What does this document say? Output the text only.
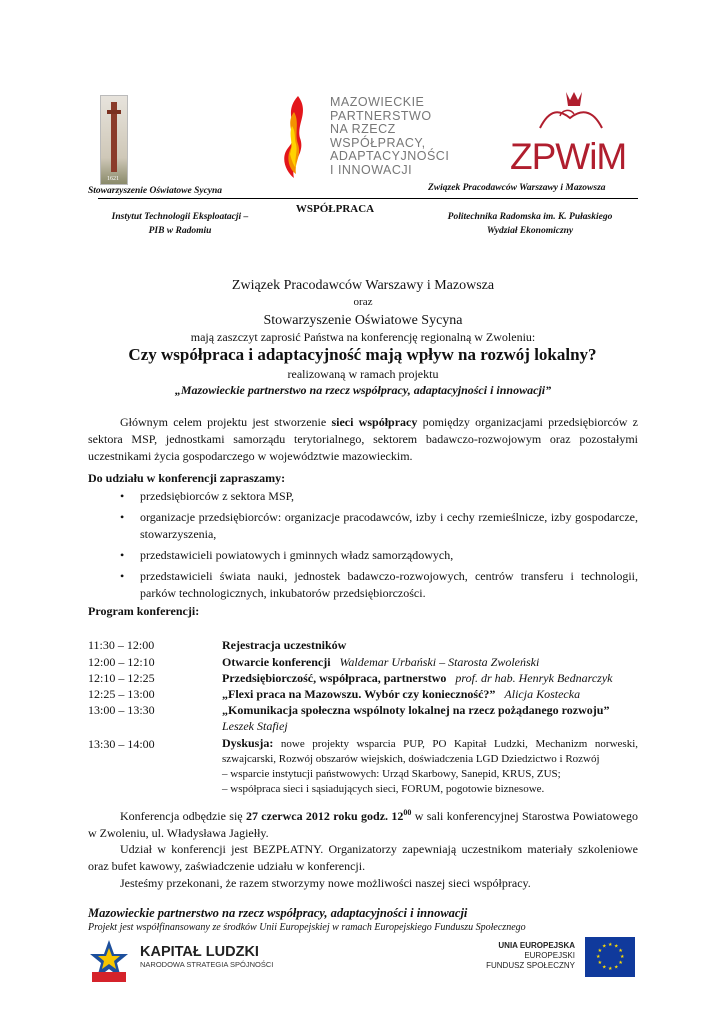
1621
Stowarzyszenie Oświatowe Sycyna
MAZOWIECKIE
PARTNERSTWO
NA RZECZ
WSPÓŁPRACY,
ADAPTACYJNOŚCI
I INNOWACJI	ZPWiM
Związek Pracodawców Warszawy i Mazowsza
Instytut Technologii Eksploatacji –
PIB w Radomiu
WSPÓŁPRACA
Politechnika Radomska im. K. Pułaskiego
Wydział Ekonomiczny
Związek Pracodawców Warszawy i Mazowsza
oraz
Stowarzyszenie Oświatowe Sycyna
mają zaszczyt zaprosić Państwa na konferencję regionalną w Zwoleniu:
Czy współpraca i adaptacyjność mają wpływ na rozwój lokalny?
realizowaną w ramach projektu
„Mazowieckie partnerstwo na rzecz współpracy, adaptacyjności i innowacji”
Głównym celem projektu jest stworzenie sieci współpracy pomiędzy organizacjami przedsiębiorców z sektora MSP, jednostkami samorządu terytorialnego, sektorem badawczo-rozwojowym oraz pozostałymi uczestnikami życia gospodarczego w województwie mazowieckim.
Do udziału w konferencji zapraszamy:
• przedsiębiorców z sektora MSP,
• organizacje przedsiębiorców: organizacje pracodawców, izby i cechy rzemieślnicze, izby gospodarcze, stowarzyszenia,
• przedstawicieli powiatowych i gminnych władz samorządowych,
• przedstawicieli świata nauki, jednostek badawczo-rozwojowych, centrów transferu i technologii, parków technologicznych, inkubatorów przedsiębiorczości.
Program konferencji:
11:30 – 12:00	Rejestracja uczestników
12:00 – 12:10	Otwarcie konferencji Waldemar Urbański – Starosta Zwoleński
12:10 – 12:25	Przedsiębiorczość, współpraca, partnerstwo prof. dr hab. Henryk Bednarczyk
12:25 – 13:00	„Flexi praca na Mazowszu. Wybór czy konieczność?” Alicja Kostecka
13:00 – 13:30	„Komunikacja społeczna wspólnoty lokalnej na rzecz pożądanego rozwoju”
Leszek Stafiej
13:30 – 14:00	Dyskusja: nowe projekty wsparcia PUP, PO Kapitał Ludzki, Mechanizm norweski,
szwajcarski, Rozwój obszarów wiejskich, doświadczenia LGD Dziedzictwo i Rozwój
– wsparcie instytucji państwowych: Urząd Skarbowy, Sanepid, KRUS, ZUS;
– współpraca sieci i sąsiadujących sieci, FORUM, pogotowie biznesowe.
Konferencja odbędzie się 27 czerwca 2012 roku godz. $12^{00}$ w sali konferencyjnej Starostwa Powiatowego w Zwoleniu, ul. Władysława Jagiełły.
Udział w konferencji jest BEZPŁATNY. Organizatorzy zapewniają uczestnikom materiały szkoleniowe oraz bufet kawowy, zaświadczenie udziału w konferencji.
Jesteśmy przekonani, że razem stworzymy nowe możliwości naszej sieci współpracy.
Mazowieckie partnerstwo na rzecz współpracy, adaptacyjności i innowacji
Projekt jest współfinansowany ze środków Unii Europejskiej w ramach Europejskiego Funduszu Społecznego
KAPITAŁ LUDZKI
NARODOWA STRATEGIA SPÓJNOŚCI
UNIA EUROPEJSKA
EUROPEJSKI
FUNDUSZ SPOŁECZNY
★ ★
★
★
★
★
★
★
★
★
★
★
